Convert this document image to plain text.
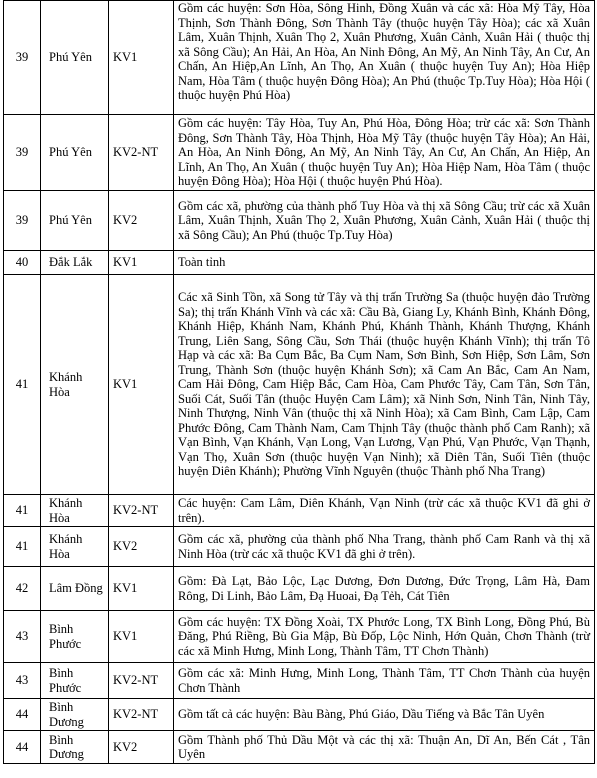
39	Phú Yên	KV1	Gồm các huyện: Sơn Hòa, Sông Hinh, Đồng Xuân và các xã: Hòa Mỹ Tây, Hòa Thịnh, Sơn Thành Đông, Sơn Thành Tây (thuộc huyện Tây Hòa); các xã Xuân Lâm, Xuân Thịnh, Xuân Thọ 2, Xuân Phương, Xuân Cảnh, Xuân Hải ( thuộc thị xã Sông Cầu); An Hải, An Hòa, An Ninh Đông, An Mỹ, An Ninh Tây, An Cư, An Chấn, An Hiệp,An Lĩnh, An Thọ, An Xuân ( thuộc huyện Tuy An); Hòa Hiệp Nam, Hòa Tâm ( thuộc huyện Đông Hòa); An Phú (thuộc Tp.Tuy Hòa); Hòa Hội ( thuộc huyện Phú Hòa)
39	Phú Yên	KV2-NT	Gồm các huyện: Tây Hòa, Tuy An, Phú Hòa, Đông Hòa; trừ các xã: Sơn Thành Đông, Sơn Thành Tây, Hòa Thịnh, Hòa Mỹ Tây (thuộc huyện Tây Hòa); An Hải, An Hòa, An Ninh Đông, An Mỹ, An Ninh Tây, An Cư, An Chấn, An Hiệp, An Lĩnh, An Thọ, An Xuân ( thuộc huyện Tuy An); Hòa Hiệp Nam, Hòa Tâm ( thuộc huyện Đông Hòa); Hòa Hội ( thuộc huyện Phú Hòa).
39	Phú Yên	KV2	Gồm các xã, phường của thành phố Tuy Hòa và thị xã Sông Cầu; trừ các xã Xuân Lâm, Xuân Thịnh, Xuân Thọ 2, Xuân Phương, Xuân Cảnh, Xuân Hải ( thuộc thị xã Sông Cầu); An Phú (thuộc Tp.Tuy Hòa)
40	Đắk Lắk	KV1	Toàn tỉnh
41	Khánh Hòa	KV1	Các xã Sinh Tồn, xã Song tử Tây và thị trấn Trường Sa (thuộc huyện đảo Trường Sa); thị trấn Khánh Vĩnh và các xã: Cầu Bà, Giang Ly, Khánh Bình, Khánh Đông, Khánh Hiệp, Khánh Nam, Khánh Phú, Khánh Thành, Khánh Thượng, Khánh Trung, Liên Sang, Sông Cầu, Sơn Thái (thuộc huyện Khánh Vĩnh); thị trấn Tô Hạp và các xã: Ba Cụm Bắc, Ba Cụm Nam, Sơn Bình, Sơn Hiệp, Sơn Lâm, Sơn Trung, Thành Sơn (thuộc huyện Khánh Sơn); xã Cam An Bắc, Cam An Nam, Cam Hải Đông, Cam Hiệp Bắc, Cam Hòa, Cam Phước Tây, Cam Tân, Sơn Tân, Suối Cát, Suối Tân (thuộc Huyện Cam Lâm); xã Ninh Sơn, Ninh Tân, Ninh Tây, Ninh Thượng, Ninh Vân (thuộc thị xã Ninh Hòa); xã Cam Bình, Cam Lập, Cam Phước Đông, Cam Thành Nam, Cam Thịnh Tây (thuộc thành phố Cam Ranh); xã Vạn Bình, Vạn Khánh, Vạn Long, Vạn Lương, Vạn Phú, Vạn Phước, Vạn Thạnh, Vạn Thọ, Xuân Sơn (thuộc huyện Vạn Ninh); xã Diên Tân, Suối Tiên (thuộc huyện Diên Khánh); Phường Vĩnh Nguyên (thuộc Thành phố Nha Trang)
41	Khánh Hòa	KV2-NT	Các huyện: Cam Lâm, Diên Khánh, Vạn Ninh (trừ các xã thuộc KV1 đã ghi ở trên).
41	Khánh Hòa	KV2	Gồm các xã, phường của thành phố Nha Trang, thành phố Cam Ranh và thị xã Ninh Hòa (trừ các xã thuộc KV1 đã ghi ở trên).
42	Lâm Đồng	KV1	Gồm: Đà Lạt, Bảo Lộc, Lạc Dương, Đơn Dương, Đức Trọng, Lâm Hà, Đam Rông, Di Linh, Bảo Lâm, Đạ Huoai, Đạ Tẻh, Cát Tiên
43	Bình Phước	KV1	Gồm các huyện: TX Đồng Xoài, TX Phước Long, TX Bình Long, Đồng Phú, Bù Đăng, Phú Riềng, Bù Gia Mập, Bù Đốp, Lộc Ninh, Hớn Quản, Chơn Thành (trừ các xã Minh Hưng, Minh Long, Thành Tâm, TT Chơn Thành)
43	Bình Phước	KV2-NT	Gồm các xã: Minh Hưng, Minh Long, Thành Tâm, TT Chơn Thành của huyện Chơn Thành
44	Bình Dương	KV2-NT	Gồm tất cả các huyện: Bàu Bàng, Phú Giáo, Dầu Tiếng và Bắc Tân Uyên
44	Bình Dương	KV2	Gồm Thành phố Thủ Dầu Một và các thị xã: Thuận An, Dĩ An, Bến Cát , Tân Uyên
